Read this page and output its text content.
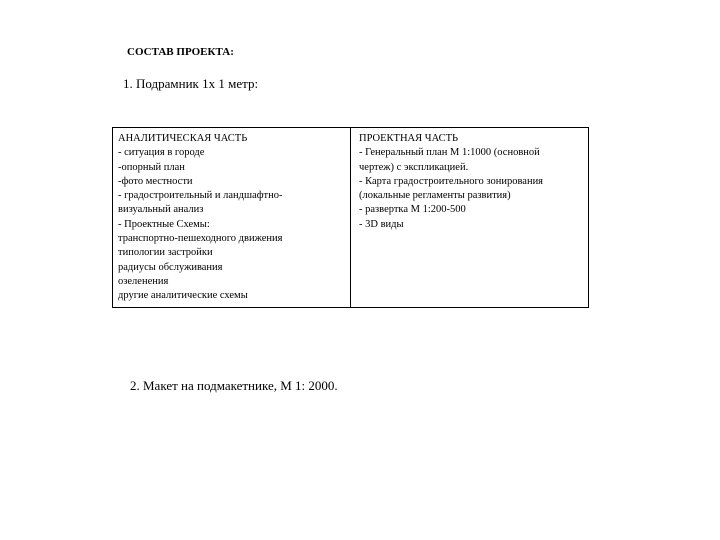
СОСТАВ ПРОЕКТА:
1. Подрамник 1х 1 метр:
АНАЛИТИЧЕСКАЯ ЧАСТЬ
- ситуация в городе
-опорный план
-фото местности
- градостроительный и ландшафтно-
визуальный анализ
- Проектные Схемы:
транспортно-пешеходного движения
типологии застройки
радиусы обслуживания
озеленения
другие аналитические схемы
ПРОЕКТНАЯ ЧАСТЬ
- Генеральный план М 1:1000 (основной
чертеж) с экспликацией.
- Карта градостроительного зонирования
(локальные регламенты развития)
- развертка М 1:200-500
- 3D виды
2. Макет на подмакетнике, М 1: 2000.
